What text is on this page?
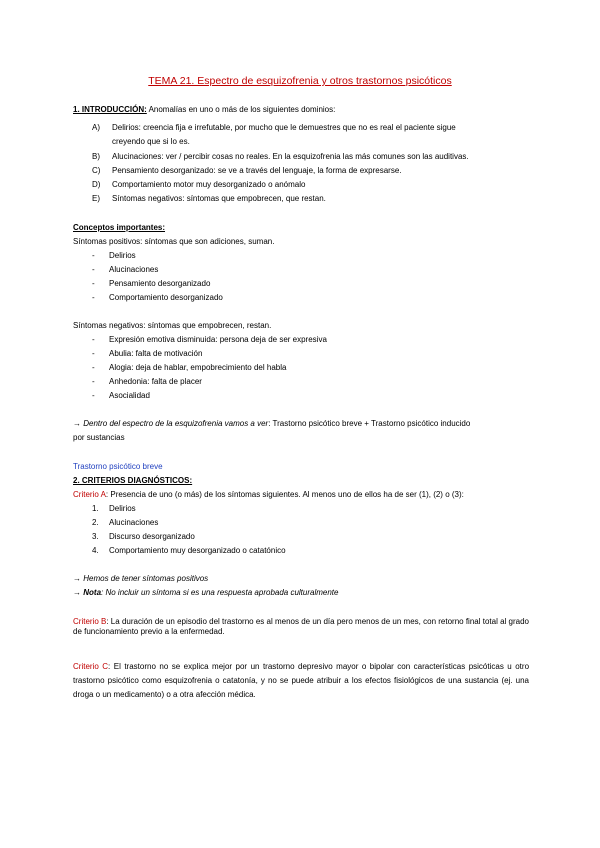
TEMA 21. Espectro de esquizofrenia y otros trastornos psicóticos
1. INTRODUCCIÓN: Anomalías en uno o más de los siguientes dominios:
A) Delirios: creencia fija e irrefutable, por mucho que le demuestres que no es real el paciente sigue
creyendo que si lo es.
B) Alucinaciones: ver / percibir cosas no reales. En la esquizofrenia las más comunes son las auditivas.
C) Pensamiento desorganizado: se ve a través del lenguaje, la forma de expresarse.
D) Comportamiento motor muy desorganizado o anómalo
E) Síntomas negativos: síntomas que empobrecen, que restan.
Conceptos importantes:
Síntomas positivos: síntomas que son adiciones, suman.
- Delirios
- Alucinaciones
- Pensamiento desorganizado
- Comportamiento desorganizado
Síntomas negativos: síntomas que empobrecen, restan.
- Expresión emotiva disminuida: persona deja de ser expresiva
- Abulia: falta de motivación
- Alogia: deja de hablar, empobrecimiento del habla
- Anhedonia: falta de placer
- Asocialidad
→ Dentro del espectro de la esquizofrenia vamos a ver: Trastorno psicótico breve + Trastorno psicótico inducido
por sustancias
Trastorno psicótico breve
2. CRITERIOS DIAGNÓSTICOS:
Criterio A: Presencia de uno (o más) de los síntomas siguientes. Al menos uno de ellos ha de ser (1), (2) o (3):
1. Delirios
2. Alucinaciones
3. Discurso desorganizado
4. Comportamiento muy desorganizado o catatónico
→ Hemos de tener síntomas positivos
→ Nota: No incluir un síntoma si es una respuesta aprobada culturalmente
Criterio B: La duración de un episodio del trastorno es al menos de un día pero menos de un mes, con retorno final total al grado de funcionamiento previo a la enfermedad.
Criterio C: El trastorno no se explica mejor por un trastorno depresivo mayor o bipolar con características psicóticas u otro trastorno psicótico como esquizofrenia o catatonía, y no se puede atribuir a los efectos fisiológicos de una sustancia (ej. una droga o un medicamento) o a otra afección médica.
